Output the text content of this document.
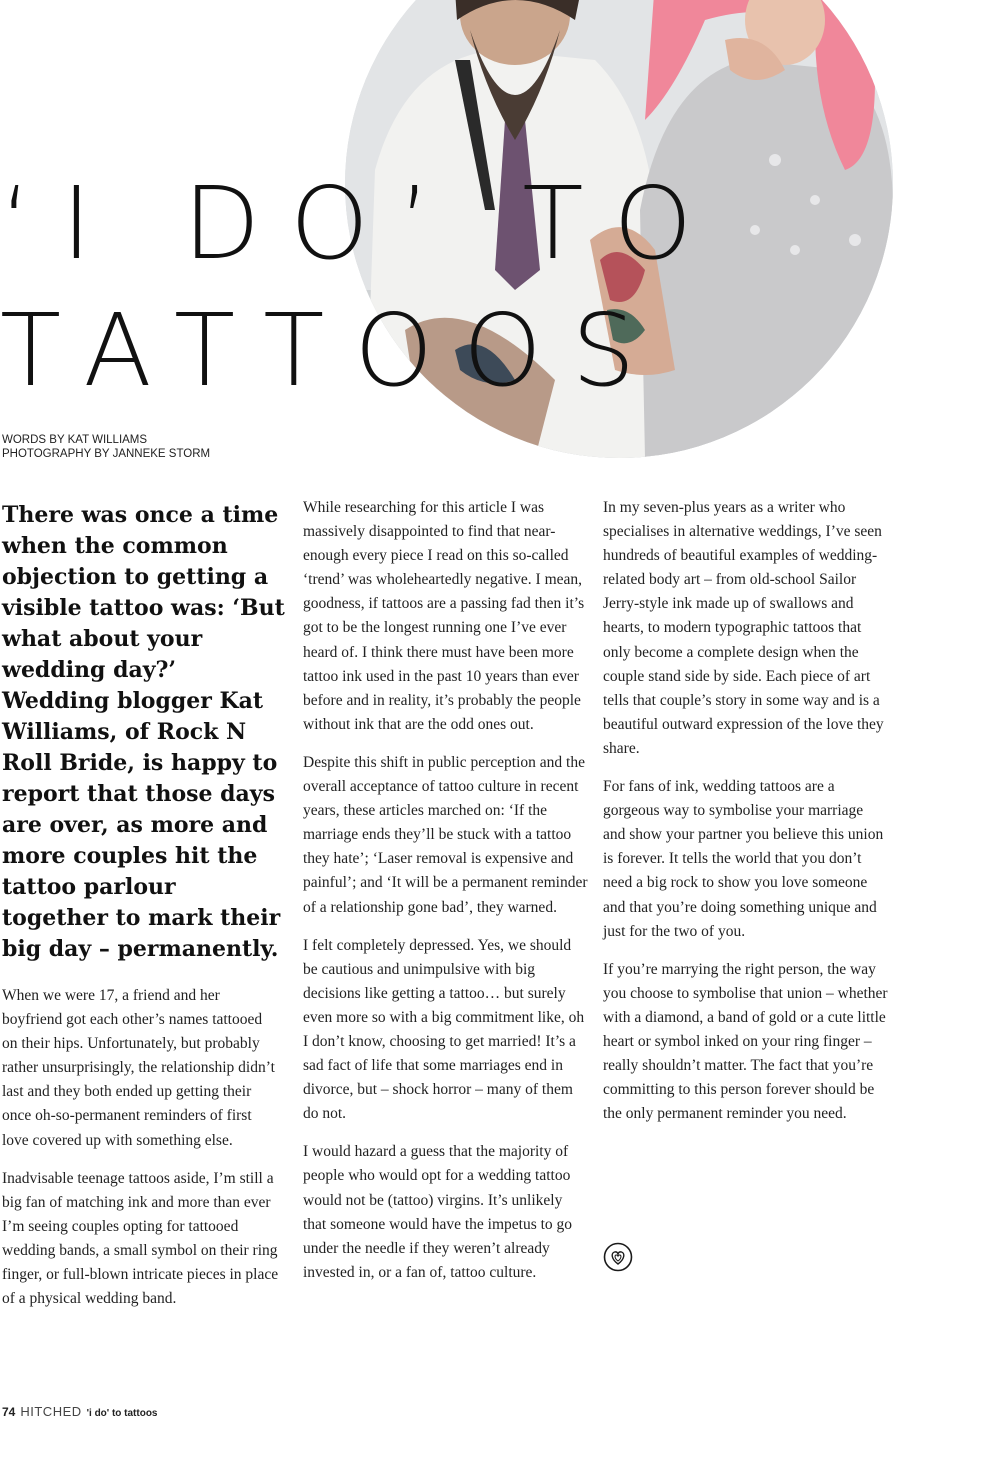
‘I DO’ TO
TATTOOS
WORDS BY KAT WILLIAMS
PHOTOGRAPHY BY JANNEKE STORM

There was once a time when the common objection to getting a visible tattoo was: ‘But what about your wedding day?’ Wedding blogger Kat Williams, of Rock N Roll Bride, is happy to report that those days are over, as more and more couples hit the tattoo parlour together to mark their big day – permanently.

When we were 17, a friend and her boyfriend got each other’s names tattooed on their hips. Unfortunately, but probably rather unsurprisingly, the relationship didn’t last and they both ended up getting their once oh-so-permanent reminders of first love covered up with something else.

Inadvisable teenage tattoos aside, I’m still a big fan of matching ink and more than ever I’m seeing couples opting for tattooed wedding bands, a small symbol on their ring finger, or full-blown intricate pieces in place of a physical wedding band.

While researching for this article I was massively disappointed to find that near-enough every piece I read on this so-called ‘trend’ was wholeheartedly negative. I mean, goodness, if tattoos are a passing fad then it’s got to be the longest running one I’ve ever heard of. I think there must have been more tattoo ink used in the past 10 years than ever before and in reality, it’s probably the people without ink that are the odd ones out.

Despite this shift in public perception and the overall acceptance of tattoo culture in recent years, these articles marched on: ‘If the marriage ends they’ll be stuck with a tattoo they hate’; ‘Laser removal is expensive and painful’; and ‘It will be a permanent reminder of a relationship gone bad’, they warned.

I felt completely depressed. Yes, we should be cautious and unimpulsive with big decisions like getting a tattoo… but surely even more so with a big commitment like, oh I don’t know, choosing to get married! It’s a sad fact of life that some marriages end in divorce, but – shock horror – many of them do not.

I would hazard a guess that the majority of people who would opt for a wedding tattoo would not be (tattoo) virgins. It’s unlikely that someone would have the impetus to go under the needle if they weren’t already invested in, or a fan of, tattoo culture.

In my seven-plus years as a writer who specialises in alternative weddings, I’ve seen hundreds of beautiful examples of wedding-related body art – from old-school Sailor Jerry-style ink made up of swallows and hearts, to modern typographic tattoos that only become a complete design when the couple stand side by side. Each piece of art tells that couple’s story in some way and is a beautiful outward expression of the love they share.

For fans of ink, wedding tattoos are a gorgeous way to symbolise your marriage and show your partner you believe this union is forever. It tells the world that you don’t need a big rock to show you love someone and that you’re doing something unique and just for the two of you.

If you’re marrying the right person, the way you choose to symbolise that union – whether with a diamond, a band of gold or a cute little heart or symbol inked on your ring finger – really shouldn’t matter. The fact that you’re committing to this person forever should be the only permanent reminder you need.

74 HITCHED 'i do' to tattoos
